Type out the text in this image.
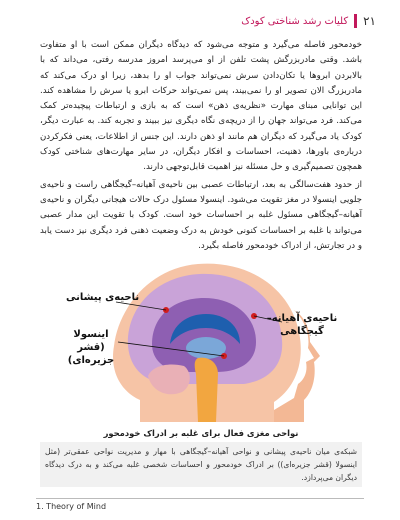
۲۱
کلیات رشد شناختی کودک

خودمحور فاصله می‌گیرد و متوجه می‌شود که دیدگاه دیگران ممکن است با او متفاوت باشد. وقتی مادربزرگش پشت تلفن از او می‌پرسد امروز مدرسه رفتی، می‌داند که با بالابردن ابروها یا تکان‌دادن سرش نمی‌تواند جواب او را بدهد، زیرا او درک می‌کند که مادربزرگ الان تصویر او را نمی‌بیند، پس نمی‌تواند حرکات ابرو یا سرش را مشاهده کند. این توانایی مبنای مهارت «نظریه‌ی ذهن» است که به بازی و ارتباطات پیچیده‌تر کمک می‌کند. فرد می‌تواند جهان را از دریچه‌ی نگاه دیگری نیز ببیند و تجربه کند. به عبارت دیگر، کودک یاد می‌گیرد که دیگران هم مانند او ذهن دارند. این جنس از اطلاعات، یعنی فکرکردن درباره‌ی باورها، ذهنیت، احساسات و افکار دیگران، در سایر مهارت‌های شناختی کودک همچون تصمیم‌گیری و حل مسئله نیز اهمیت قابل‌توجهی دارند.

از حدود هفت‌سالگی به بعد، ارتباطات عصبی بین ناحیه‌ی آهیانه–گیجگاهی راست و ناحیه‌ی جلویی اینسولا در مغز تقویت می‌شود. اینسولا مسئول درک حالات هیجانی دیگران و ناحیه‌ی آهیانه–گیجگاهی مسئول غلبه بر احساسات خود است. کودک با تقویت این مدار عصبی می‌تواند با غلبه بر احساسات کنونی خودش به درک وضعیت ذهنی فرد دیگری نیز دست یابد و در تجارتش، از ادراک خودمحور فاصله بگیرد.

ناحیه‌ی پیشانی
اینسولا
(قشر جزیره‌ای)
ناحیه‌ی آهیانه–
گیجگاهی
نواحی مغزی فعال برای غلبه بر ادراک خودمحور
شبکه‌ی میان ناحیه‌ی پیشانی و نواحی آهیانه–گیجگاهی با مهار و مدیریت نواحی عمقی‌تر (مثل اینسولا (قشر جزیره‌ای)) بر ادراک خودمحور و احساسات شخصی غلبه می‌کند و به درک دیدگاه دیگران می‌پردازد.
1. Theory of Mind
